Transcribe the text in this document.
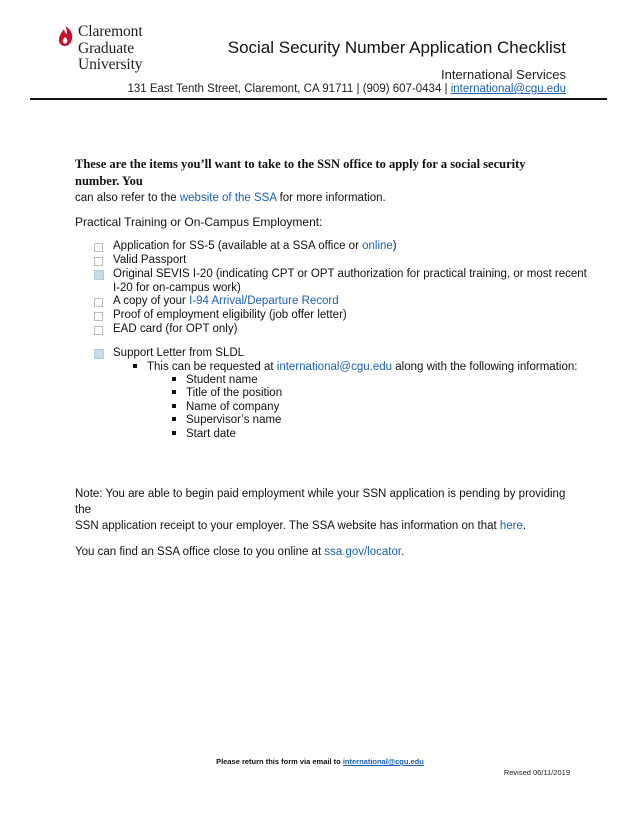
Claremont
Graduate
University
Social Security Number Application Checklist
International Services
131 East Tenth Street, Claremont, CA 91711 | (909) 607-0434 | international@cgu.edu
These are the items you’ll want to take to the SSN office to apply for a social security number. You
can also refer to the website of the SSA for more information.
Practical Training or On-Campus Employment:
Application for SS-5 (available at a SSA office or online)
Valid Passport
Original SEVIS I-20 (indicating CPT or OPT authorization for practical training, or most recent
I-20 for on-campus work)
A copy of your I-94 Arrival/Departure Record
Proof of employment eligibility (job offer letter)
EAD card (for OPT only)
Support Letter from SLDL
This can be requested at international@cgu.edu along with the following information:
Student name
Title of the position
Name of company
Supervisor’s name
Start date
Note: You are able to begin paid employment while your SSN application is pending by providing the
SSN application receipt to your employer. The SSA website has information on that here.
You can find an SSA office close to you online at ssa.gov/locator.
Please return this form via email to international@cgu.edu
Revised 06/11/2019
